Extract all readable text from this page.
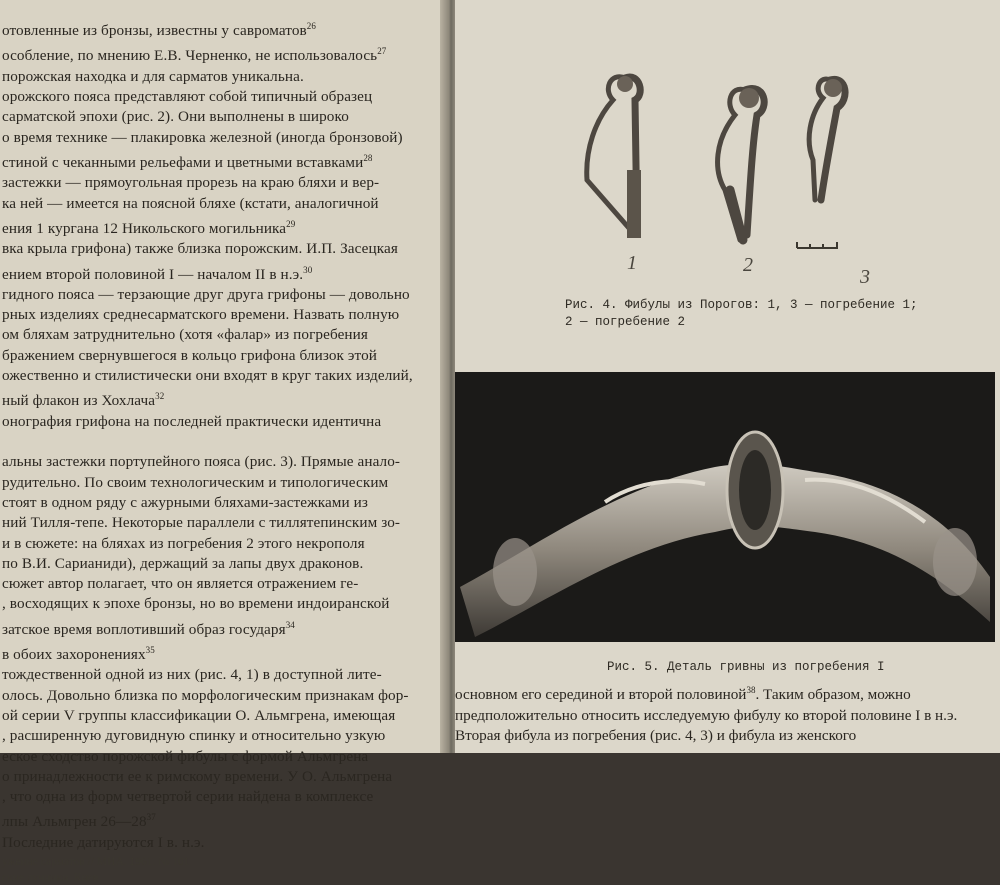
отовленные из бронзы, известны у савроматов$^{26}$
особление, по мнению Е.В. Черненко, не использовалось$^{27}$
порожская находка и для сарматов уникальна.
орожского пояса представляют собой типичный образец
сарматской эпохи (рис. 2). Они выполнены в широко
о время технике — плакировка железной (иногда бронзовой)
стиной с чеканными рельефами и цветными вставками$^{28}$
застежки — прямоугольная прорезь на краю бляхи и вер-
ка ней — имеется на поясной бляхе (кстати, аналогичной
ения 1 кургана 12 Никольского могильника$^{29}$
вка крыла грифона) также близка порожским. И.П. Засецкая
ением второй половиной I — началом II в н.э.$^{30}$
гидного пояса — терзающие друг друга грифоны — довольно
рных изделиях среднесарматского времени. Назвать полную
ом бляхам затруднительно (хотя «фалар» из погребения
бражением свернувшегося в кольцо грифона близок этой
ожественно и стилистически они входят в круг таких изделий,
ный флакон из Хохлача$^{32}$
онография грифона на последней практически идентична

альны застежки портупейного пояса (рис. 3). Прямые анало-
рудительно. По своим технологическим и типологическим
стоят в одном ряду с ажурными бляхами-застежками из
ний Тилля-тепе. Некоторые параллели с тиллятепинским зо-
и в сюжете: на бляхах из погребения 2 этого некрополя
по В.И. Сарианиди), держащий за лапы двух драконов.
сюжет автор полагает, что он является отражением ге-
, восходящих к эпохе бронзы, но во времени индоиранской
затское время воплотивший образ государя$^{34}$
в обоих захоронениях$^{35}$
тождественной одной из них (рис. 4, 1) в доступной лите-
олось. Довольно близка по морфологическим признакам фор-
ой серии V группы классификации О. Альмгрена, имеющая
, расширенную дуговидную спинку и относительно узкую
еское сходство порожской фибулы с формой Альмгрена
о принадлежности ее к римскому времени. У О. Альмгрена
, что одна из форм четвертой серии найдена в комплексе
лпы Альмгрен $26—28^{37}$
Последние датируются I в. н.э.
ужение сарматов // МИА. 1961. № 101
ские лучники. Киев
1	2
3
Рис. 4. Фибулы из Порогов: 1, 3 — погребение 1;
2 — погребение 2
Рис. 5. Деталь гривны из погребения I
основном его серединой и второй половиной$^{38}$. Таким образом, можно
предположительно относить исследуемую фибулу ко второй половине I в н.э.
Вторая фибула из погребения (рис. 4, 3) и фибула из женского
